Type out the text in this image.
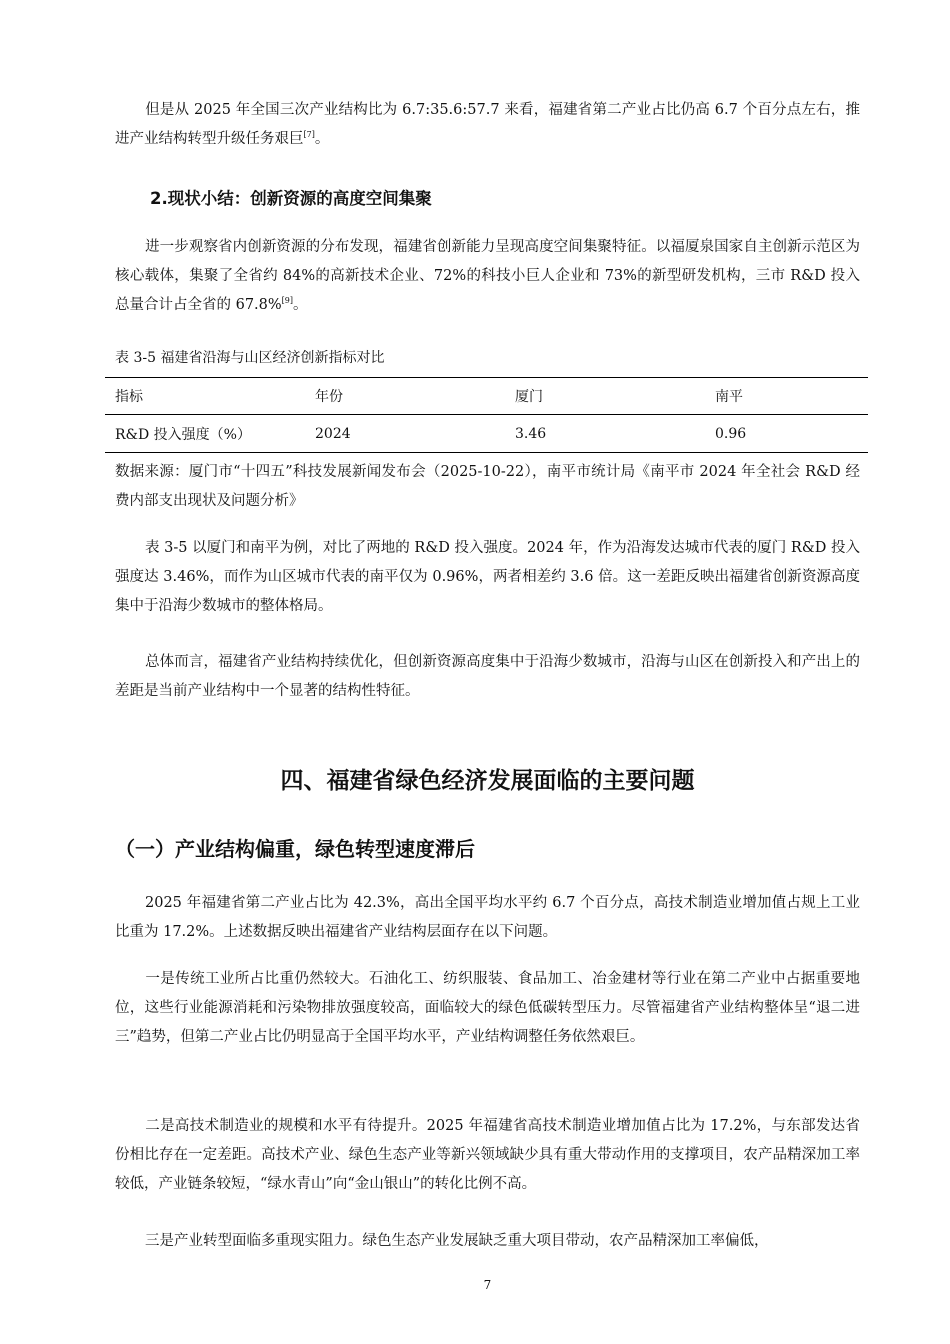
但是从 2025 年全国三次产业结构比为 6.7:35.6:57.7 来看，福建省第二产业占比仍高 6.7 个百分点左右，推进产业结构转型升级任务艰巨[7]。

2.现状小结：创新资源的高度空间集聚

进一步观察省内创新资源的分布发现，福建省创新能力呈现高度空间集聚特征。以福厦泉国家自主创新示范区为核心载体，集聚了全省约 84%的高新技术企业、72%的科技小巨人企业和 73%的新型研发机构，三市 R&D 投入总量合计占全省的 67.8%[9]。

表 3-5 福建省沿海与山区经济创新指标对比

指标	年份	厦门	南平
R&D 投入强度（%）	2024	3.46	0.96

数据来源：厦门市“十四五”科技发展新闻发布会（2025-10-22），南平市统计局《南平市 2024 年全社会 R&D 经费内部支出现状及问题分析》

表 3-5 以厦门和南平为例，对比了两地的 R&D 投入强度。2024 年，作为沿海发达城市代表的厦门 R&D 投入强度达 3.46%，而作为山区城市代表的南平仅为 0.96%，两者相差约 3.6 倍。这一差距反映出福建省创新资源高度集中于沿海少数城市的整体格局。

总体而言，福建省产业结构持续优化，但创新资源高度集中于沿海少数城市，沿海与山区在创新投入和产出上的差距是当前产业结构中一个显著的结构性特征。

四、福建省绿色经济发展面临的主要问题
（一）产业结构偏重，绿色转型速度滞后

2025 年福建省第二产业占比为 42.3%，高出全国平均水平约 6.7 个百分点，高技术制造业增加值占规上工业比重为 17.2%。上述数据反映出福建省产业结构层面存在以下问题。

一是传统工业所占比重仍然较大。石油化工、纺织服装、食品加工、冶金建材等行业在第二产业中占据重要地位，这些行业能源消耗和污染物排放强度较高，面临较大的绿色低碳转型压力。尽管福建省产业结构整体呈“退二进三”趋势，但第二产业占比仍明显高于全国平均水平，产业结构调整任务依然艰巨。

二是高技术制造业的规模和水平有待提升。2025 年福建省高技术制造业增加值占比为 17.2%，与东部发达省份相比存在一定差距。高技术产业、绿色生态产业等新兴领域缺少具有重大带动作用的支撑项目，农产品精深加工率较低，产业链条较短，“绿水青山”向“金山银山”的转化比例不高。

三是产业转型面临多重现实阻力。绿色生态产业发展缺乏重大项目带动，农产品精深加工率偏低，

7
